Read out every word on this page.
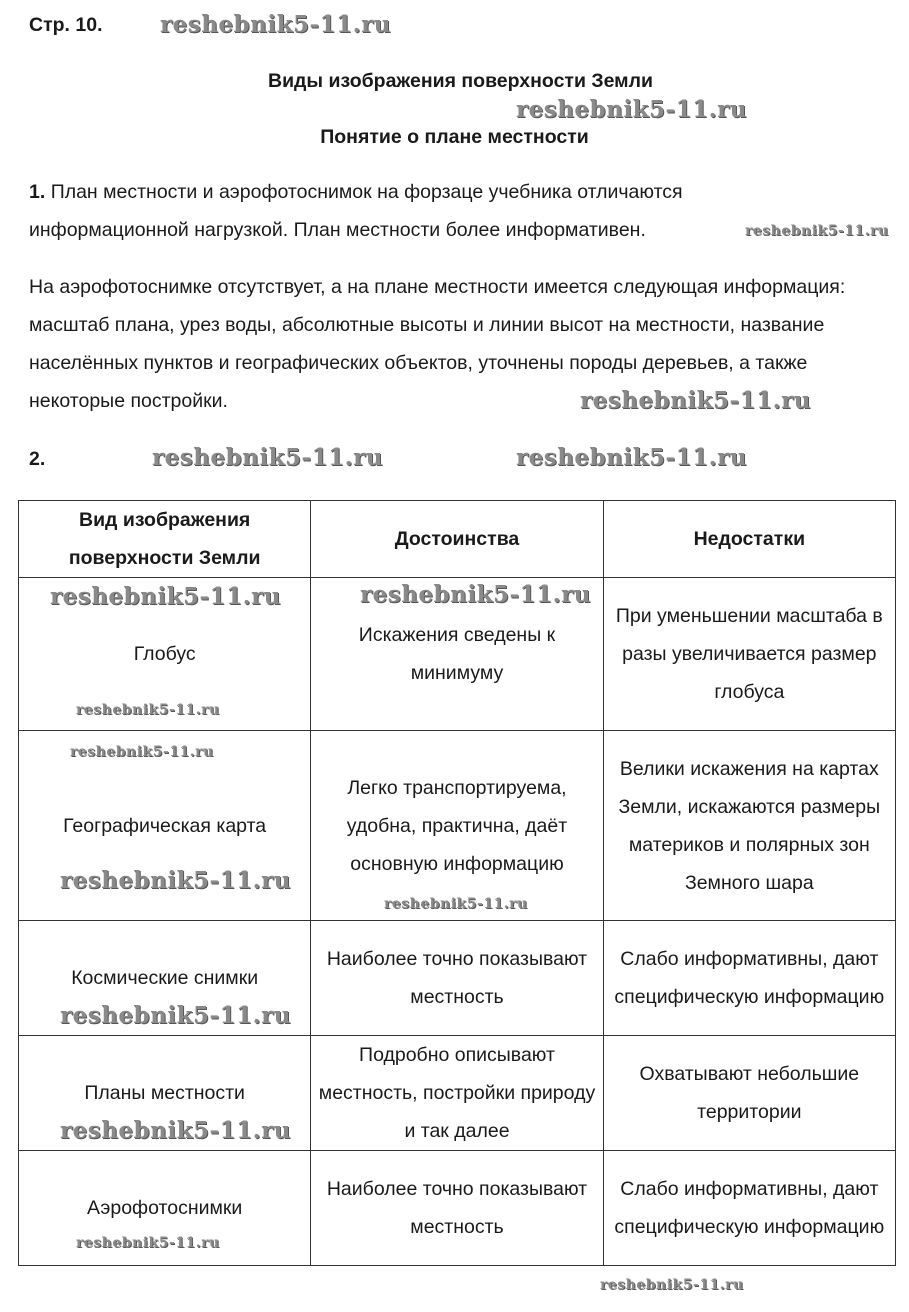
Стр. 10.
Виды изображения поверхности Земли
Понятие о плане местности
1. План местности и аэрофотоснимок на форзаце учебника отличаются
информационной нагрузкой. План местности более информативен.
На аэрофотоснимке отсутствует, а на плане местности имеется следующая информация: масштаб плана, урез воды, абсолютные высоты и линии высот на местности, название населённых пунктов и географических объектов, уточнены породы деревьев, а также некоторые постройки.
2.
Вид изображения поверхности Земли	Достоинства	Недостатки
Глобус	Искажения сведены к минимуму	При уменьшении масштаба в разы увеличивается размер глобуса
Географическая карта	Легко транспортируема, удобна, практична, даёт основную информацию	Велики искажения на картах Земли, искажаются размеры материков и полярных зон Земного шара
Космические снимки	Наиболее точно показывают местность	Слабо информативны, дают специфическую информацию
Планы местности	Подробно описывают местность, постройки природу и так далее	Охватывают небольшие территории
Аэрофотоснимки	Наиболее точно показывают местность	Слабо информативны, дают специфическую информацию
reshebnik5-11.ru
reshebnik5-11.ru
reshebnik5-11.ru
reshebnik5-11.ru
reshebnik5-11.ru	reshebnik5-11.ru
reshebnik5-11.ru
reshebnik5-11.ru
reshebnik5-11.ru
reshebnik5-11.ru
reshebnik5-11.ru
reshebnik5-11.ru
reshebnik5-11.ru
reshebnik5-11.ru
reshebnik5-11.ru
reshebnik5-11.ru
